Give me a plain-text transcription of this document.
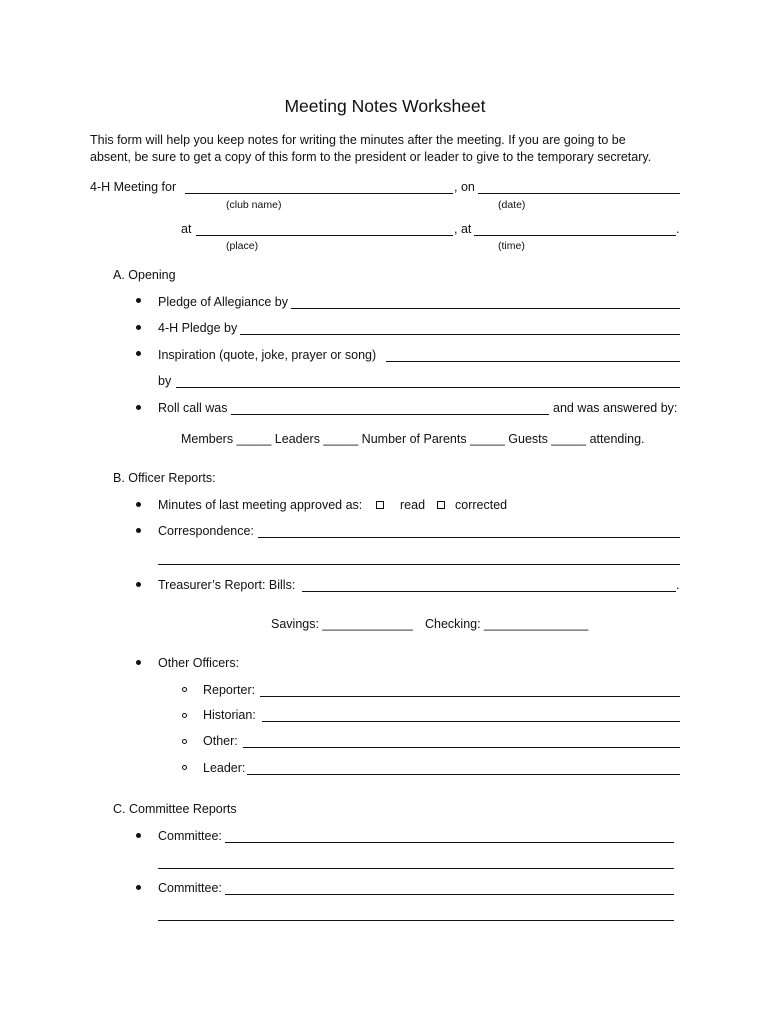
Meeting Notes Worksheet
This form will help you keep notes for writing the minutes after the meeting. If you are going to be
absent, be sure to get a copy of this form to the president or leader to give to the temporary secretary.
4-H Meeting for	, on
(club name)	(date)
at	, at	.
(place)	(time)
A. Opening
Pledge of Allegiance by
4-H Pledge by
Inspiration (quote, joke, prayer or song)
by
Roll call was	and was answered by:
Members _____ Leaders _____ Number of Parents _____ Guests _____ attending.
B. Officer Reports:
Minutes of last meeting approved as:	read corrected
Correspondence:
Treasurer’s Report: Bills:	.
Savings: _____________ Checking: _______________
Other Officers:
Reporter:
Historian:
Other:
Leader:
C. Committee Reports
Committee:
Committee:
